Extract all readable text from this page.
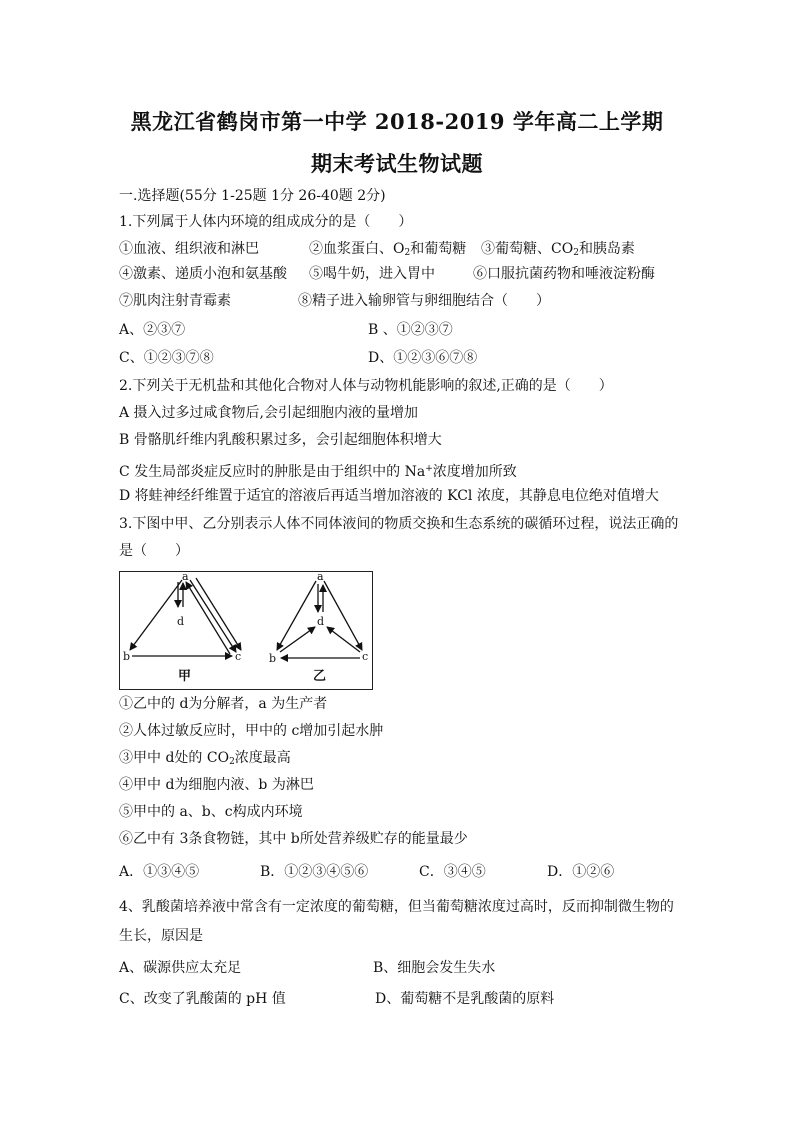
黑龙江省鹤岗市第一中学 2018-2019 学年高二上学期
期末考试生物试题
一.选择题(55分 1-25题 1分 26-40题 2分)
1.下列属于人体内环境的组成成分的是（　　）
①血液、组织液和淋巴	②血浆蛋白、$O_2$和葡萄糖 ③葡萄糖、$CO_2$和胰岛素
④激素、递质小泡和氨基酸 ⑤喝牛奶，进入胃中	⑥口服抗菌药物和唾液淀粉酶
⑦肌肉注射青霉素	⑧精子进入输卵管与卵细胞结合（　　）
A、②③⑦	B 、①②③⑦
C、①②③⑦⑧	D、①②③⑥⑦⑧
2.下列关于无机盐和其他化合物对人体与动物机能影响的叙述,正确的是（　　）
A 摄入过多过咸食物后,会引起细胞内液的量增加
B 骨骼肌纤维内乳酸积累过多，会引起细胞体积增大
C 发生局部炎症反应时的肿胀是由于组织中的 Na+浓度增加所致
D 将蛙神经纤维置于适宜的溶液后再适当增加溶液的 KCl 浓度，其静息电位绝对值增大
3.下图中甲、乙分别表示人体不同体液间的物质交换和生态系统的碳循环过程，说法正确的
是（　　）
a
d
b	c
甲
a
d
b	c
乙
①乙中的 d为分解者，a 为生产者
②人体过敏反应时，甲中的 c增加引起水肿
③甲中 d处的 $CO_2$浓度最高
④甲中 d为细胞内液、b 为淋巴
⑤甲中的 a、b、c构成内环境
⑥乙中有 3条食物链，其中 b所处营养级贮存的能量最少
A．①③④⑤	B．①②③④⑤⑥	C．③④⑤	D．①②⑥
4、乳酸菌培养液中常含有一定浓度的葡萄糖，但当葡萄糖浓度过高时，反而抑制微生物的
生长，原因是
A、碳源供应太充足	B、细胞会发生失水
C、改变了乳酸菌的 pH 值	D、葡萄糖不是乳酸菌的原料
